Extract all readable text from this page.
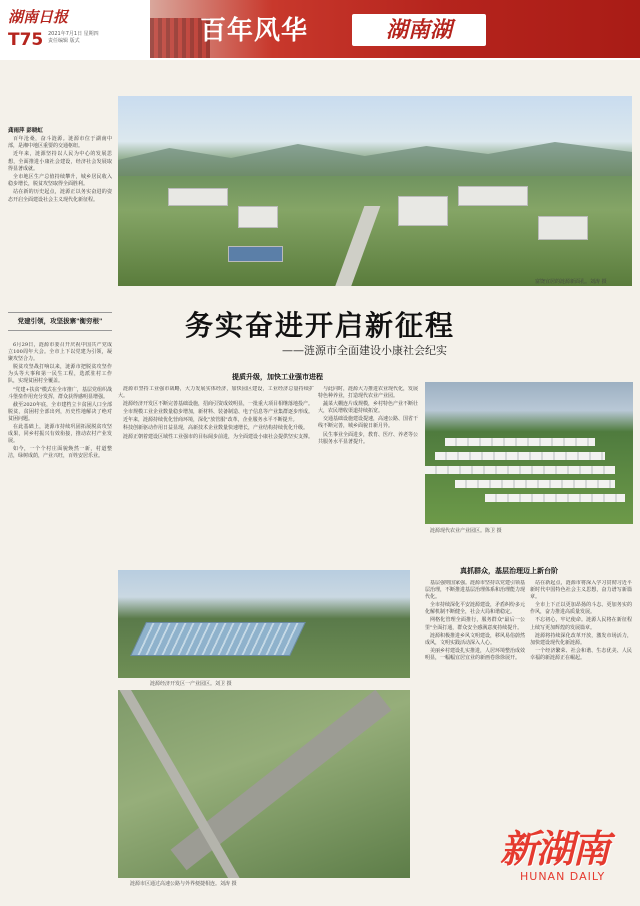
湖南日报
T75 2021年7月1日 星期四
责任编辑 版式	百年风华	湖南湖
富饶宜居的涟源新面孔。刘涛 摄
龚雨萍 彭晓虹

百年沧桑，奋斗涟源。涟源市位于湖南中部，是湘中地区重要的交通枢纽。

近年来，涟源坚持以人民为中心的发展思想，全面推进小康社会建设，经济社会发展取得显著成就。

全市地区生产总值持续攀升，城乡居民收入稳步增长，脱贫攻坚取得全面胜利。

站在新的历史起点，涟源正以务实奋进的姿态开启全面建设社会主义现代化新征程。

务实奋进开启新征程
——涟源市全面建设小康社会纪实
党建引领，攻坚拔寨"衡穷根"

6月29日，涟源市委召开庆祝中国共产党成立100周年大会。全市上下以党建为引领，凝聚攻坚合力。

脱贫攻坚战打响以来，涟源市把脱贫攻坚作为头等大事和第一民生工程，选派驻村工作队，实现贫困村全覆盖。

"党建+扶贫"模式在全市推广，基层党组织战斗堡垒作用充分发挥，群众获得感明显增强。

截至2020年底，全市建档立卡贫困人口全部脱贫，贫困村全部出列，历史性地解决了绝对贫困问题。

在此基础上，涟源市持续巩固拓展脱贫攻坚成果，同乡村振兴有效衔接，推动农村产业发展。

如今，一个个村庄面貌焕然一新，村道整洁，绿树成荫，产业兴旺，百姓安居乐业。

提质升级，加快工业强市进程

涟源市坚持工业强市战略，大力发展实体经济，加快园区建设，工业经济总量持续扩大。

涟源经济开发区不断完善基础设施，招商引资成效明显，一批重大项目相继落地投产。

全市规模工业企业数量稳步增加，新材料、装备制造、电子信息等产业集群逐步形成。

近年来，涟源持续优化营商环境，深化"放管服"改革，企业服务水平不断提升。

科技创新驱动作用日益显现，高新技术企业数量快速增长，产业结构持续优化升级。

涟源正朝着建设区域性工业强市的目标阔步前进，为全面建设小康社会提供坚实支撑。

与此同时，涟源大力推进农业现代化，发展特色种养业，打造现代农业产业园。

蔬菜大棚连片成规模，乡村特色产业不断壮大，农民增收渠道持续拓宽。

交通基础设施建设提速，高速公路、国省干线不断完善，城乡面貌日新月异。

民生事业全面进步，教育、医疗、养老等公共服务水平显著提升。

涟源现代农业产业园区。陈卫 摄
真抓群众，基层治理迈上新台阶

基层强则国家强。涟源市坚持以党建引领基层治理，不断推进基层治理体系和治理能力现代化。

全市持续深化平安涟源建设，矛盾纠纷多元化解机制不断健全，社会大局和谐稳定。

网格化管理全面推行，服务群众"最后一公里"全面打通，群众安全感满意度持续提升。

涟源积极推进乡风文明建设，移风易俗蔚然成风，文明实践活动深入人心。

美丽乡村建设扎实推进，人居环境整治成效明显，一幅幅宜居宜业的新画卷徐徐展开。

站在新起点，涟源市将深入学习贯彻习近平新时代中国特色社会主义思想，奋力谱写新篇章。

全市上下正以更加昂扬的斗志、更加务实的作风，奋力推进高质量发展。

不忘初心，牢记使命。涟源人民将在新征程上续写更加辉煌的发展篇章。

涟源将持续深化改革开放，激发市场活力，加快建设现代化新涟源。

一个经济繁荣、社会和谐、生态优美、人民幸福的新涟源正在崛起。

涟源经济开发区一产业园区。刘卫 摄
涟源市区通过高速公路与外界便捷相连。刘涛 摄
新湖南
HUNAN DAILY
